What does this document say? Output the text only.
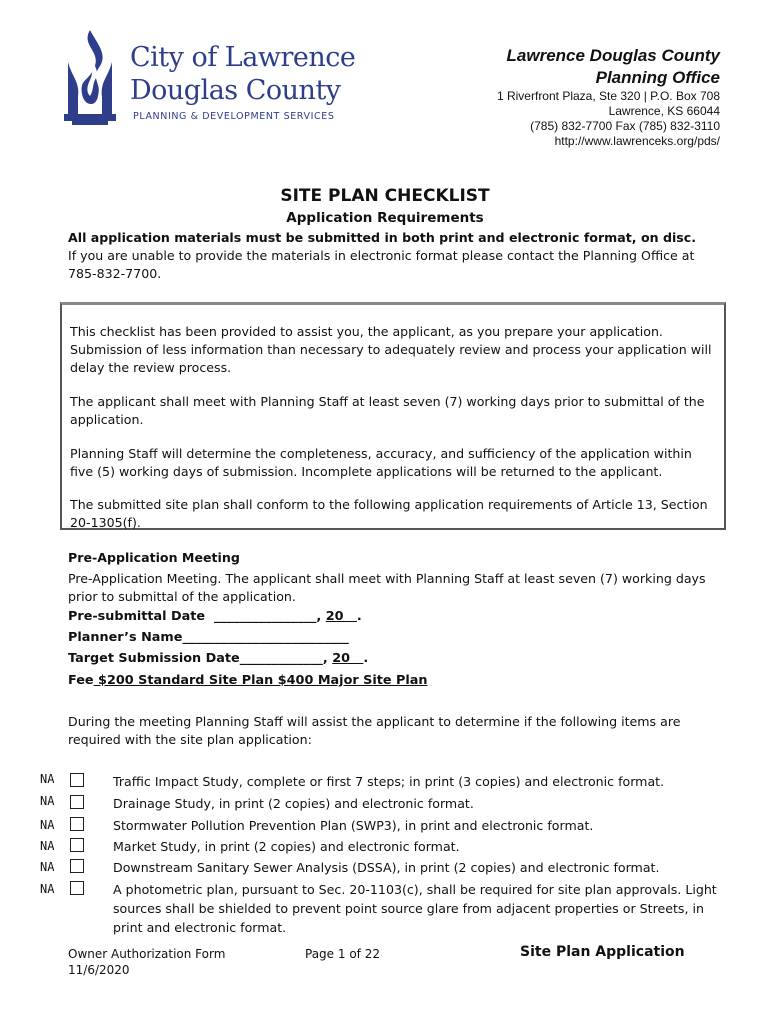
City of Lawrence
Douglas County
PLANNING & DEVELOPMENT SERVICES
Lawrence Douglas County
Planning Office
1 Riverfront Plaza, Ste 320 | P.O. Box 708
Lawrence, KS 66044
(785) 832-7700 Fax (785) 832-3110
http://www.lawrenceks.org/pds/
SITE PLAN CHECKLIST
Application Requirements
All application materials must be submitted in both print and electronic format, on disc.
If you are unable to provide the materials in electronic format please contact the Planning Office at 785-832-7700.
This checklist has been provided to assist you, the applicant, as you prepare your application. Submission of less information than necessary to adequately review and process your application will delay the review process.
The applicant shall meet with Planning Staff at least seven (7) working days prior to submittal of the application.
Planning Staff will determine the completeness, accuracy, and sufficiency of the application within five (5) working days of submission. Incomplete applications will be returned to the applicant.
The submitted site plan shall conform to the following application requirements of Article 13, Section 20-1305(f).
Pre-Application Meeting
Pre-Application Meeting. The applicant shall meet with Planning Staff at least seven (7) working days prior to submittal of the application.
Pre-submittal Date  ________________, 20 .
Planner’s Name__________________________
Target Submission Date_____________, 20 .
Fee $200 Standard Site Plan $400 Major Site Plan
During the meeting Planning Staff will assist the applicant to determine if the following items are required with the site plan application:
NA	Traffic Impact Study, complete or first 7 steps; in print (3 copies) and electronic format.
NA	Drainage Study, in print (2 copies) and electronic format.
NA	Stormwater Pollution Prevention Plan (SWP3), in print and electronic format.
NA	Market Study, in print (2 copies) and electronic format.
NA	Downstream Sanitary Sewer Analysis (DSSA), in print (2 copies) and electronic format.
NA	A photometric plan, pursuant to Sec. 20-1103(c), shall be required for site plan approvals. Light sources shall be shielded to prevent point source glare from adjacent properties or Streets, in print and electronic format.
Owner Authorization Form
11/6/2020
Page 1 of 22	Site Plan Application
